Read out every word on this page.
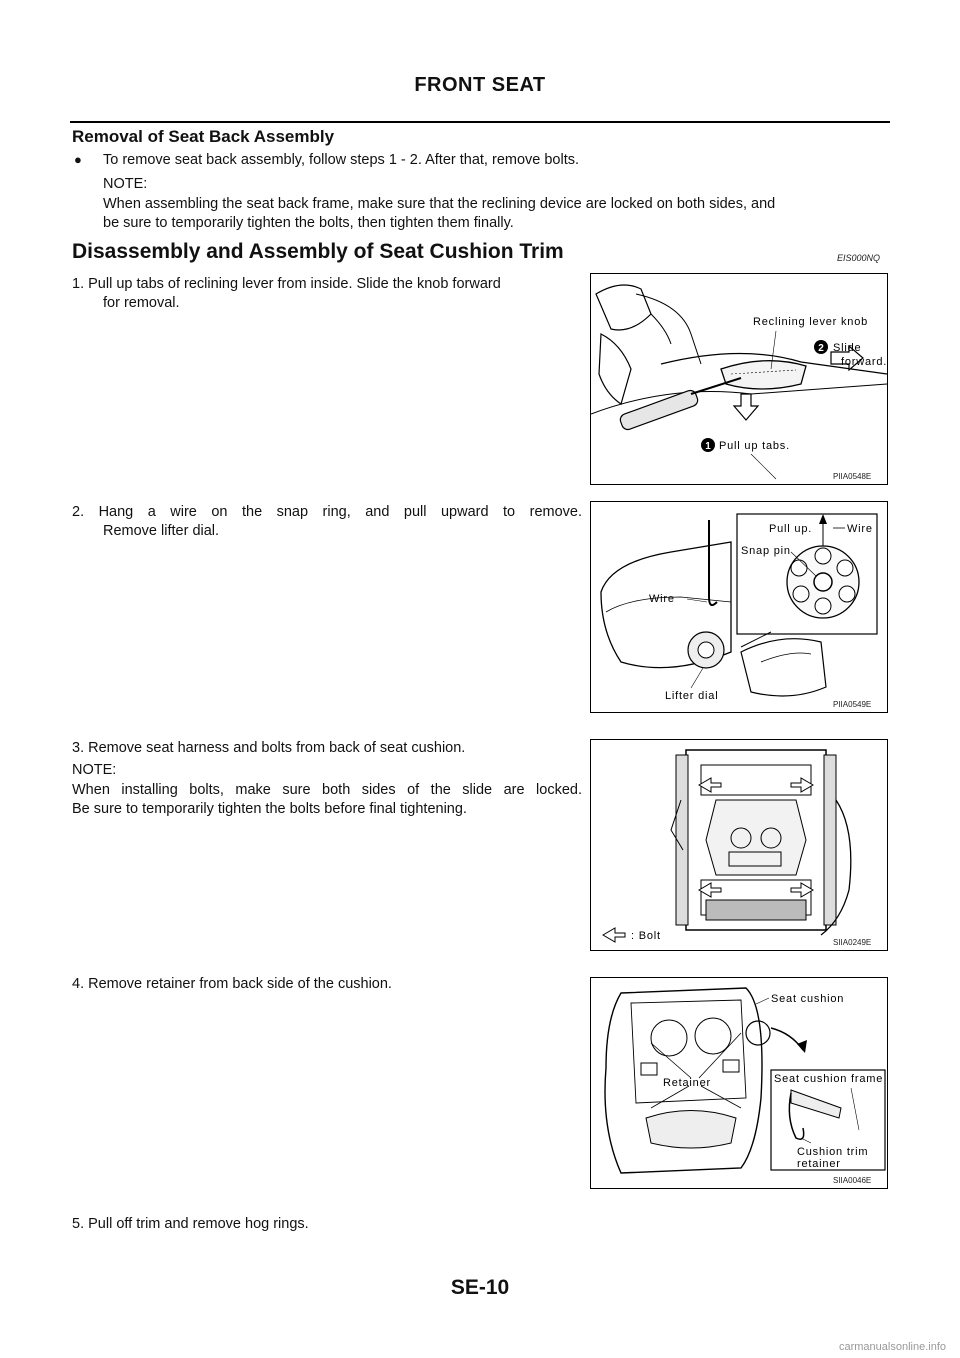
FRONT SEAT
Removal of Seat Back Assembly
● To remove seat back assembly, follow steps 1 - 2. After that, remove bolts.
NOTE:
When assembling the seat back frame, make sure that the reclining device are locked on both sides, and
be sure to temporarily tighten the bolts, then tighten them finally.
Disassembly and Assembly of Seat Cushion Trim	EIS000NQ
1. Pull up tabs of reclining lever from inside. Slide the knob forward
for removal.
2
Reclining lever knob
Slide
forward.
1 Pull up tabs.
PIIA0548E
2. Hang a wire on the snap ring, and pull upward to remove.
Remove lifter dial.	Pull up.	Wire
Snap pin
Wire
Lifter dial
PIIA0549E
3. Remove seat harness and bolts from back of seat cushion.
NOTE:
When installing bolts, make sure both sides of the slide are locked.
Be sure to temporarily tighten the bolts before final tightening.
: Bolt
SIIA0249E
4. Remove retainer from back side of the cushion.
Seat cushion
Retainer	Seat cushion frame
Cushion trim
retainer
SIIA0046E
5. Pull off trim and remove hog rings.
SE-10
carmanualsonline.info
